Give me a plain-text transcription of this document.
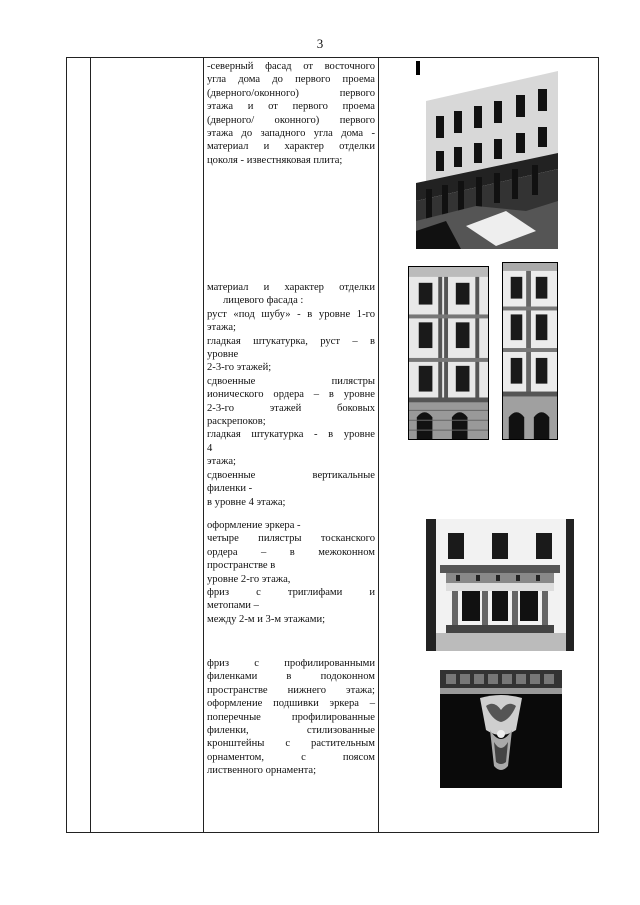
3

-северный фасад от восточного

угла дома до первого проема

(дверного/оконного) первого

этажа и от первого проема

(дверного/ оконного) первого

этажа до западного угла дома -

материал и характер отделки

цоколя - известняковая плита;

материал и характер отделки

лицевого фасада :

руст «под шубу» - в уровне 1-го

этажа;

гладкая штукатурка, руст – в

уровне

2-3-го этажей;

сдвоенные пилястры

ионического ордера – в уровне

2-3-го этажей боковых

раскрепоков;

гладкая штукатурка - в уровне

4

этажа;

сдвоенные вертикальные

филенки -

в уровне 4 этажа;

оформление эркера -

четыре пилястры тосканского

ордера – в межоконном

пространстве в

уровне 2-го этажа,

фриз с триглифами и

метопами –

между 2-м и 3-м этажами;

фриз с профилированными

филенками в подоконном

пространстве нижнего этажа;

оформление подшивки эркера –

поперечные профилированные

филенки, стилизованные

кронштейны с растительным

орнаментом, с поясом

лиственного орнамента;
